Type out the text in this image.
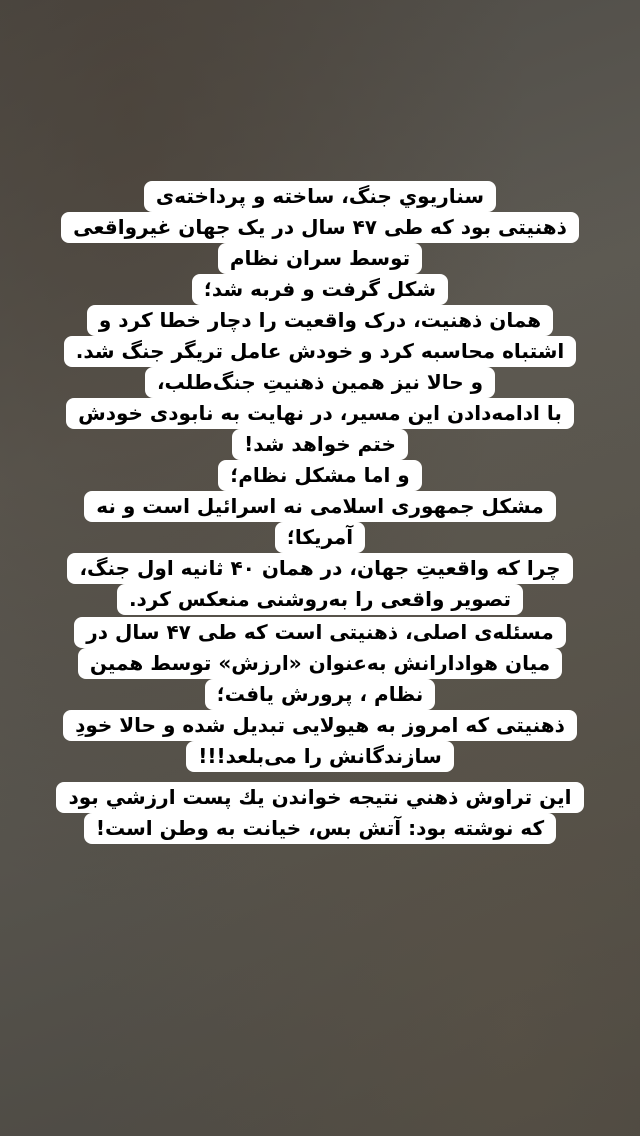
سناريوي جنگ، ساخته و پرداخته‌ی
ذهنیتی بود که طی ۴۷ سال در یک جهان غیرواقعی
توسط سران نظام
شکل گرفت و فربه شد؛
همان ذهنیت، درک واقعیت را دچار خطا کرد و
اشتباه محاسبه کرد و خودش عامل تریگر جنگ شد.
و حالا نیز همین ذهنیتِ جنگ‌طلب،
با ادامه‌دادن این مسیر، در نهایت به نابودی خودش
ختم خواهد شد!
و اما مشکل نظام؛
مشکل جمهوری اسلامی نه اسرائیل است و نه
آمریکا؛
چرا که واقعیتِ جهان، در همان ۴۰ ثانیه اول جنگ،
تصویر واقعی را به‌روشنی منعکس کرد.
مسئله‌ی اصلی، ذهنیتی است که طی ۴۷ سال در
میان هوادارانش به‌عنوان «ارزش» توسط همین
نظام ، پرورش یافت؛
ذهنیتی که امروز به هیولایی تبدیل شده و حالا خودِ
سازندگانش را می‌بلعد!!!
اين تراوش ذهني نتيجه خواندن يك پست ارزشي بود
که نوشته بود: آتش بس، خیانت به وطن است!
